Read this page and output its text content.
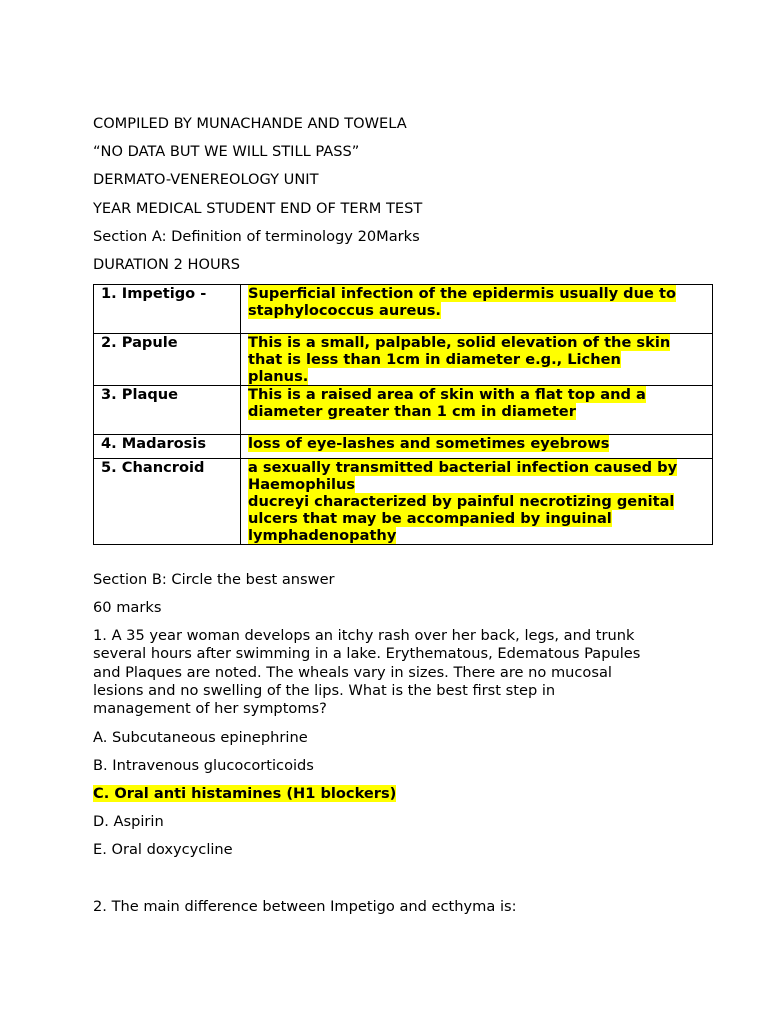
COMPILED BY MUNACHANDE AND TOWELA
“NO DATA BUT WE WILL STILL PASS”
DERMATO-VENEREOLOGY UNIT
YEAR MEDICAL STUDENT END OF TERM TEST
Section A: Definition of terminology 20Marks
DURATION 2 HOURS
1. Impetigo -	Superficial infection of the epidermis usually due to
staphylococcus aureus.
2. Papule	This is a small, palpable, solid elevation of the skin
that is less than 1cm in diameter e.g., Lichen
planus.
3. Plaque	This is a raised area of skin with a flat top and a
diameter greater than 1 cm in diameter
4. Madarosis	loss of eye-lashes and sometimes eyebrows
5. Chancroid	a sexually transmitted bacterial infection caused by
Haemophilus
ducreyi characterized by painful necrotizing genital
ulcers that may be accompanied by inguinal
lymphadenopathy
Section B: Circle the best answer
60 marks
1. A 35 year woman develops an itchy rash over her back, legs, and trunk
several hours after swimming in a lake. Erythematous, Edematous Papules
and Plaques are noted. The wheals vary in sizes. There are no mucosal
lesions and no swelling of the lips. What is the best first step in
management of her symptoms?
A. Subcutaneous epinephrine
B. Intravenous glucocorticoids
C. Oral anti histamines (H1 blockers)
D. Aspirin
E. Oral doxycycline
2. The main difference between Impetigo and ecthyma is:
